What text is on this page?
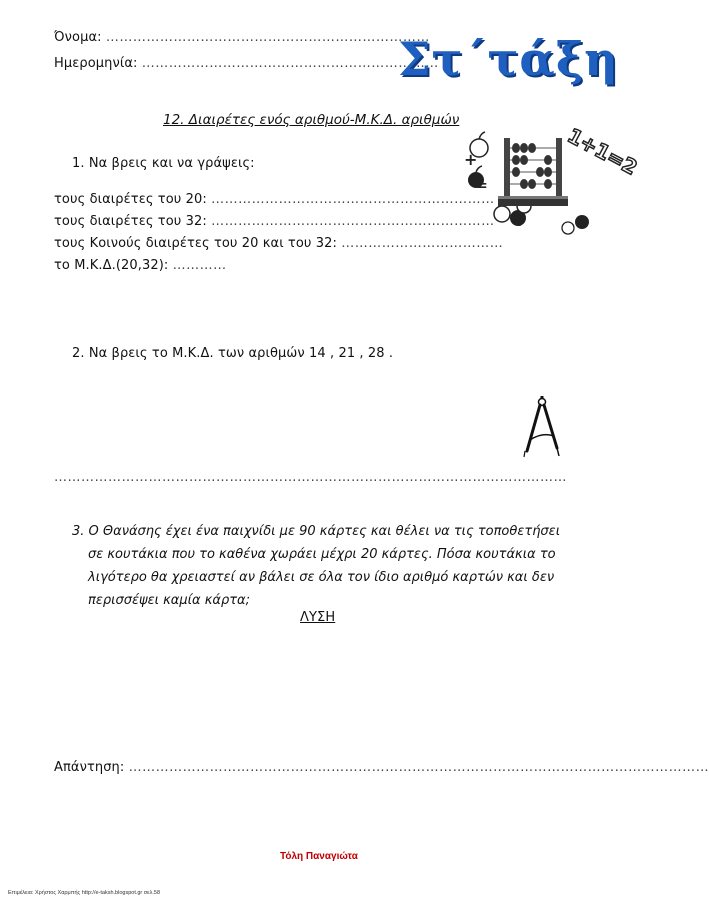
Όνομα: ………………………………………………………………
Ημερομηνία: …………………………………………………………
Στ΄τάξη
12. Διαιρέτες ενός αριθμού-Μ.Κ.Δ. αριθμών
+
=
1+1=2
1. Να βρεις και να γράψεις:
τους διαιρέτες του 20: ………………………………………………………
τους διαιρέτες του 32: ………………………………………………………
τους Κοινούς διαιρέτες του 20 και του 32: ………………………………
το Μ.Κ.Δ.(20,32): …………
2. Να βρεις το Μ.Κ.Δ. των αριθμών 14 , 21 , 28 .
……………………………………………………………………………………………………
3. Ο Θανάσης έχει ένα παιχνίδι με 90 κάρτες και θέλει να τις τοποθετήσει
σε κουτάκια που το καθένα χωράει μέχρι 20 κάρτες. Πόσα κουτάκια το
λιγότερο θα χρειαστεί αν βάλει σε όλα τον ίδιο αριθμό καρτών και δεν
περισσέψει καμία κάρτα;
ΛΥΣΗ
Απάντηση: …………………………………………………………………………………………………………………
Τόλη Παναγιώτα
Επιμέλεια: Χρήστος Χαρμπής http://e-taksh.blogspot.gr σελ.58
